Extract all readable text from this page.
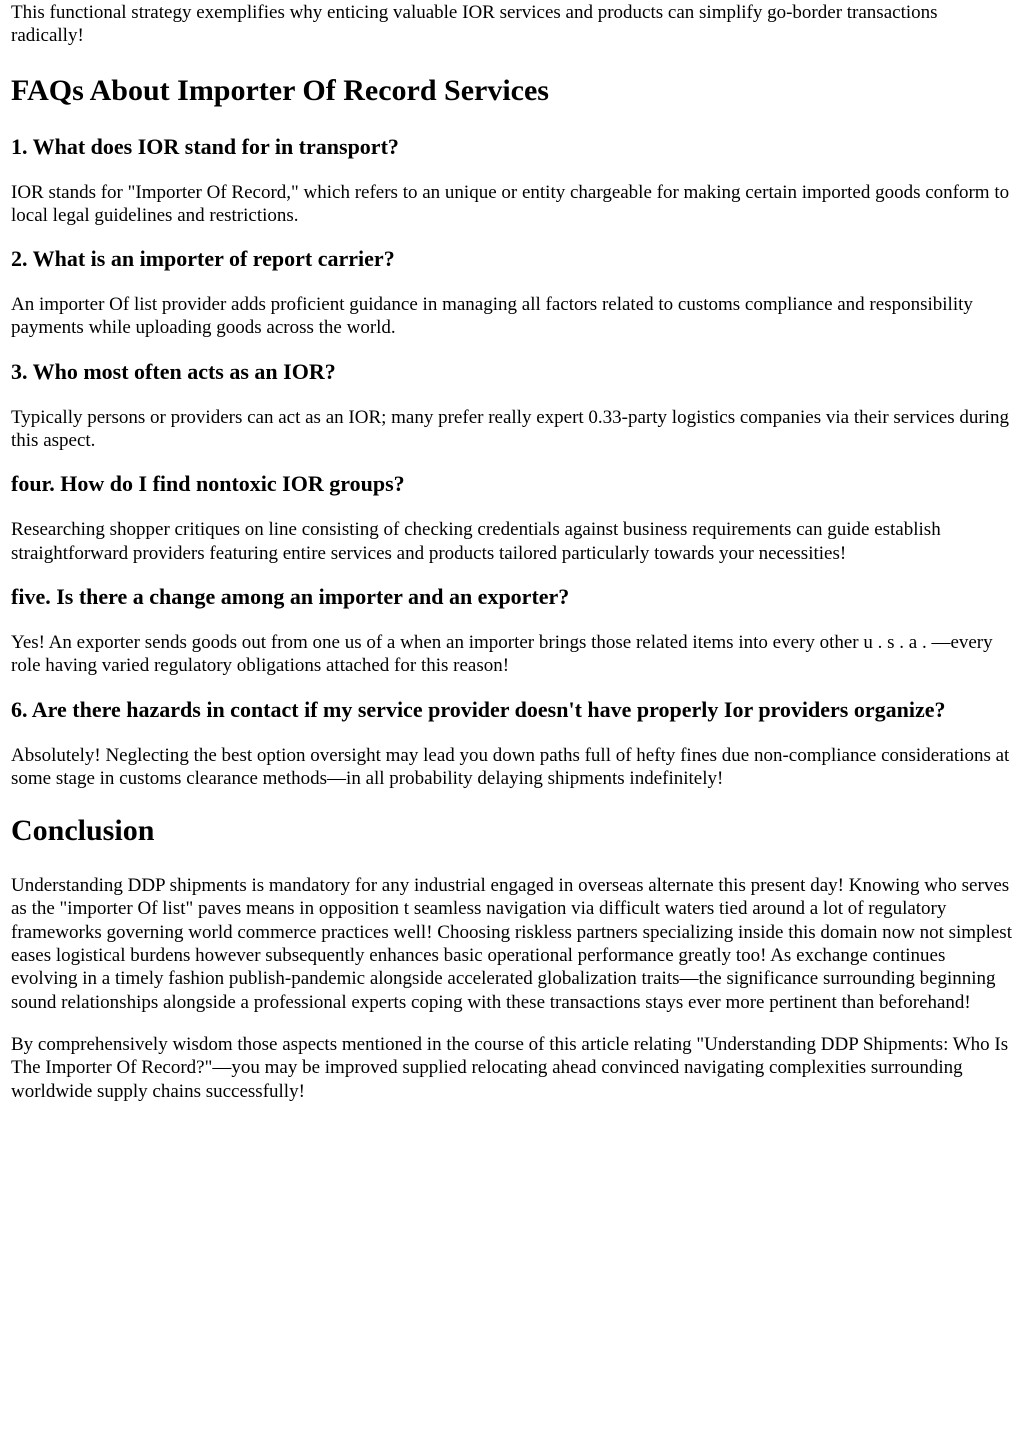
This functional strategy exemplifies why enticing valuable IOR services and products can simplify go-border transactions radically!

FAQs About Importer Of Record Services
1. What does IOR stand for in transport?

IOR stands for "Importer Of Record," which refers to an unique or entity chargeable for making certain imported goods conform to local legal guidelines and restrictions.

2. What is an importer of report carrier?

An importer Of list provider adds proficient guidance in managing all factors related to customs compliance and responsibility payments while uploading goods across the world.

3. Who most often acts as an IOR?

Typically persons or providers can act as an IOR; many prefer really expert 0.33-party logistics companies via their services during this aspect.

four. How do I find nontoxic IOR groups?

Researching shopper critiques on line consisting of checking credentials against business requirements can guide establish straightforward providers featuring entire services and products tailored particularly towards your necessities!

five. Is there a change among an importer and an exporter?

Yes! An exporter sends goods out from one us of a when an importer brings those related items into every other u . s . a . —every role having varied regulatory obligations attached for this reason!

6. Are there hazards in contact if my service provider doesn't have properly Ior providers organize?

Absolutely! Neglecting the best option oversight may lead you down paths full of hefty fines due non-compliance considerations at some stage in customs clearance methods—in all probability delaying shipments indefinitely!

Conclusion

Understanding DDP shipments is mandatory for any industrial engaged in overseas alternate this present day! Knowing who serves as the "importer Of list" paves means in opposition t seamless navigation via difficult waters tied around a lot of regulatory frameworks governing world commerce practices well! Choosing riskless partners specializing inside this domain now not simplest eases logistical burdens however subsequently enhances basic operational performance greatly too! As exchange continues evolving in a timely fashion publish-pandemic alongside accelerated globalization traits—the significance surrounding beginning sound relationships alongside a professional experts coping with these transactions stays ever more pertinent than beforehand!

By comprehensively wisdom those aspects mentioned in the course of this article relating "Understanding DDP Shipments: Who Is The Importer Of Record?"—you may be improved supplied relocating ahead convinced navigating complexities surrounding worldwide supply chains successfully!
